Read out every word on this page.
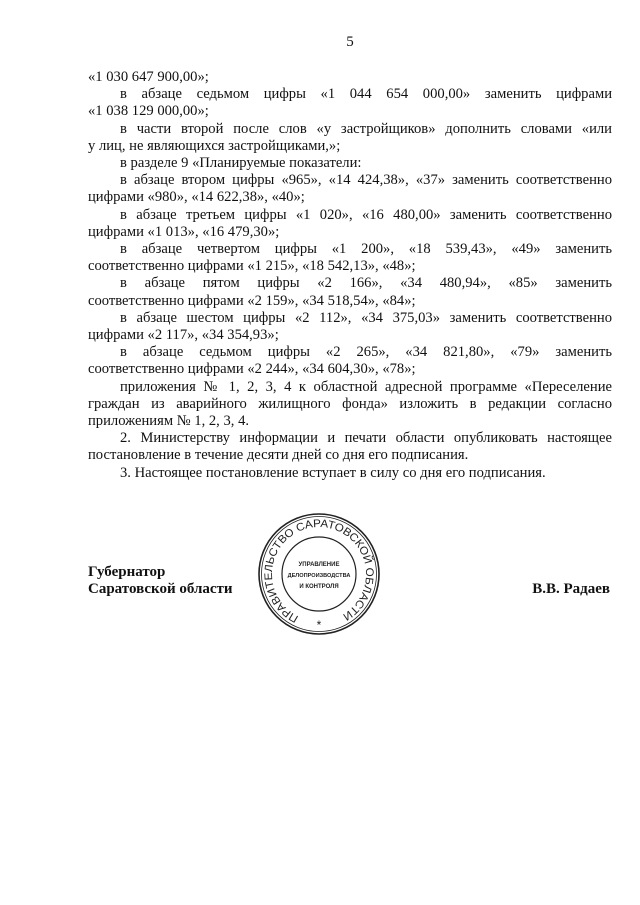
5
«1 030 647 900,00»;
в абзаце седьмом цифры «1 044 654 000,00» заменить цифрами
«1 038 129 000,00»;
в части второй после слов «у застройщиков» дополнить словами «или
у лиц, не являющихся застройщиками,»;
в разделе 9 «Планируемые показатели:
в абзаце втором цифры «965», «14 424,38», «37» заменить соответственно
цифрами «980», «14 622,38», «40»;
в абзаце третьем цифры «1 020», «16 480,00» заменить соответственно
цифрами «1 013», «16 479,30»;
в абзаце четвертом цифры «1 200», «18 539,43», «49» заменить
соответственно цифрами «1 215», «18 542,13», «48»;
в абзаце пятом цифры «2 166», «34 480,94», «85» заменить
соответственно цифрами «2 159», «34 518,54», «84»;
в абзаце шестом цифры «2 112», «34 375,03» заменить соответственно
цифрами «2 117», «34 354,93»;
в абзаце седьмом цифры «2 265», «34 821,80», «79» заменить
соответственно цифрами «2 244», «34 604,30», «78»;
приложения № 1, 2, 3, 4 к областной адресной программе «Переселение
граждан из аварийного жилищного фонда» изложить в редакции согласно
приложениям № 1, 2, 3, 4.
2. Министерству информации и печати области опубликовать настоящее
постановление в течение десяти дней со дня его подписания.
3. Настоящее постановление вступает в силу со дня его подписания.
Губернатор
Саратовской области	В.В. Радаев
ПРАВИТЕЛЬСТВО САРАТОВСКОЙ ОБЛАСТИ
УПРАВЛЕНИЕ
ДЕЛОПРОИЗВОДСТВА
И КОНТРОЛЯ
*
